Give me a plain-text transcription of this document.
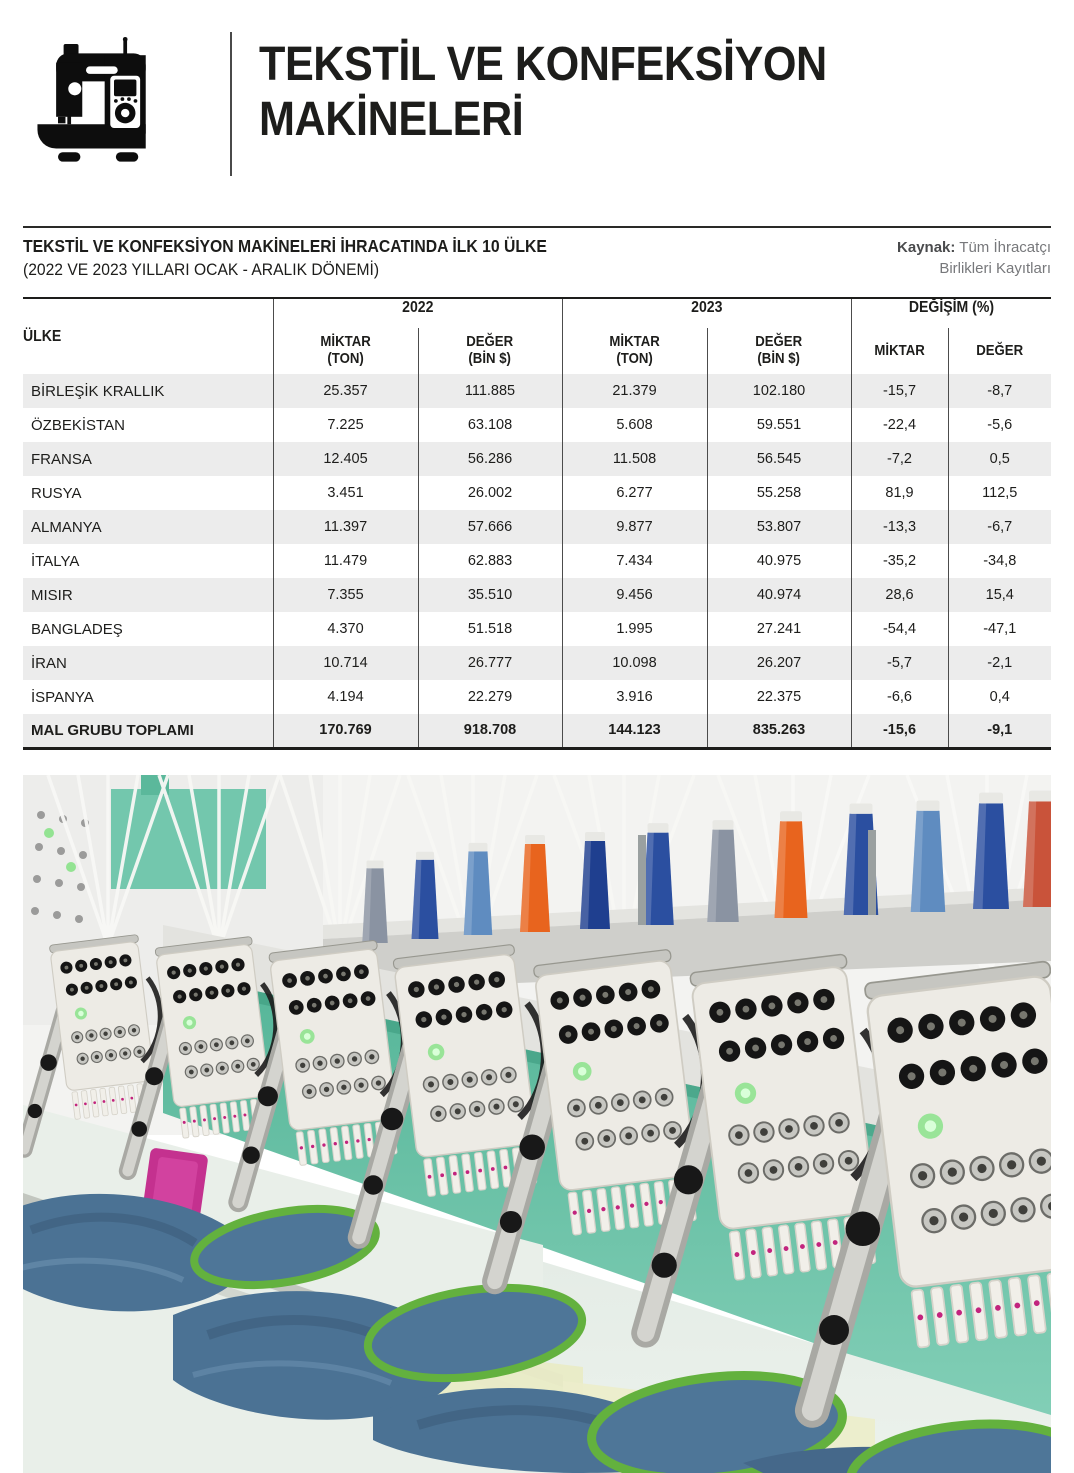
TEKSTİL VE KONFEKSİYON
MAKİNELERİ
TEKSTİL VE KONFEKSİYON MAKİNELERİ İHRACATINDA İLK 10 ÜLKE
(2022 VE 2023 YILLARI OCAK - ARALIK DÖNEMİ)
Kaynak: Tüm İhracatçı
Birlikleri Kayıtları
ÜLKE	2022		2023		DEĞİŞİM (%)	

MİKTAR
(TON)

DEĞER
(BİN $)

MİKTAR
(TON)

DEĞER
(BİN $)	MİKTAR	DEĞER
BİRLEŞİK KRALLIK	25.357	111.885	21.379	102.180	-15,7	-8,7
ÖZBEKİSTAN	7.225	63.108	5.608	59.551	-22,4	-5,6
FRANSA	12.405	56.286	11.508	56.545	-7,2	0,5
RUSYA	3.451	26.002	6.277	55.258	81,9	112,5
ALMANYA	11.397	57.666	9.877	53.807	-13,3	-6,7
İTALYA	11.479	62.883	7.434	40.975	-35,2	-34,8
MISIR	7.355	35.510	9.456	40.974	28,6	15,4
BANGLADEŞ	4.370	51.518	1.995	27.241	-54,4	-47,1
İRAN	10.714	26.777	10.098	26.207	-5,7	-2,1
İSPANYA	4.194	22.279	3.916	22.375	-6,6	0,4
MAL GRUBU TOPLAMI	170.769	918.708	144.123	835.263	-15,6	-9,1
